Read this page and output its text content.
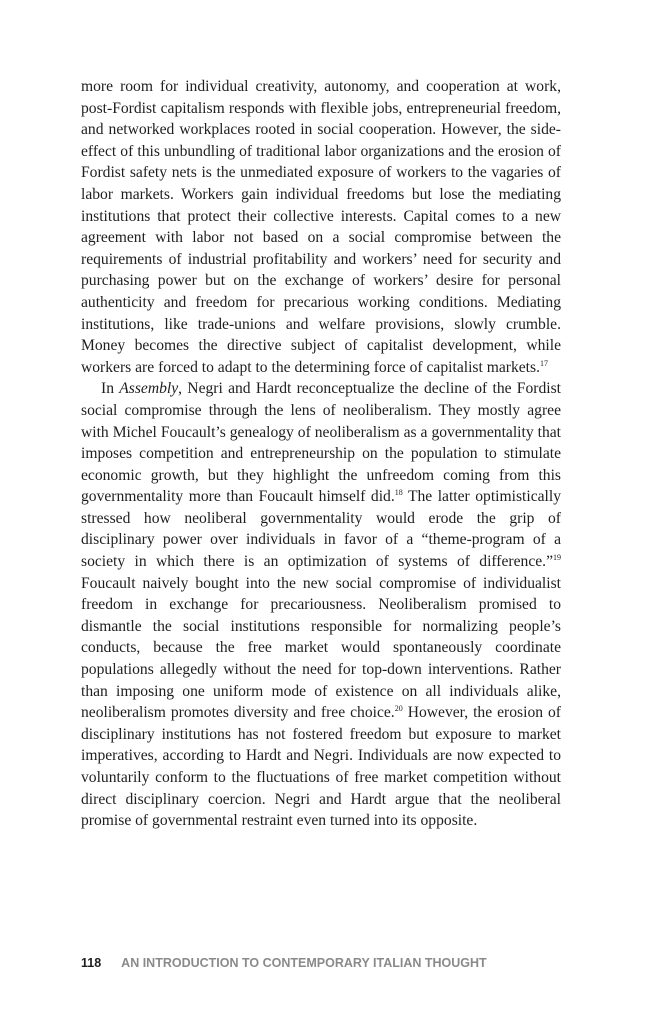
more room for individual creativity, autonomy, and cooperation at work, post-Fordist capitalism responds with flexible jobs, entrepreneurial freedom, and networked workplaces rooted in social cooperation. However, the side-effect of this unbundling of traditional labor organizations and the erosion of Fordist safety nets is the unmediated exposure of workers to the vagaries of labor markets. Workers gain individual freedoms but lose the mediating institutions that protect their collective interests. Capital comes to a new agreement with labor not based on a social compromise between the requirements of industrial profitability and workers’ need for security and purchasing power but on the exchange of workers’ desire for personal authenticity and freedom for precarious working conditions. Mediating institutions, like trade-unions and welfare provisions, slowly crumble. Money becomes the directive subject of capitalist development, while workers are forced to adapt to the determining force of capitalist markets.$^{17}$

In Assembly, Negri and Hardt reconceptualize the decline of the Fordist social compromise through the lens of neoliberalism. They mostly agree with Michel Foucault’s genealogy of neoliberalism as a governmentality that imposes competition and entrepreneurship on the population to stimulate economic growth, but they highlight the unfreedom coming from this governmentality more than Foucault himself did.$^{18}$ The latter optimistically stressed how neoliberal governmentality would erode the grip of disciplinary power over individuals in favor of a “theme-program of a society in which there is an optimization of systems of difference.”$^{19}$ Foucault naively bought into the new social compromise of individualist freedom in exchange for precariousness. Neoliberalism promised to dismantle the social institutions responsible for normalizing people’s conducts, because the free market would spontaneously coordinate populations allegedly without the need for top-down interventions. Rather than imposing one uniform mode of existence on all individuals alike, neoliberalism promotes diversity and free choice.$^{20}$ However, the erosion of disciplinary institutions has not fostered freedom but exposure to market imperatives, according to Hardt and Negri. Individuals are now expected to voluntarily conform to the fluctuations of free market competition without direct disciplinary coercion. Negri and Hardt argue that the neoliberal promise of governmental restraint even turned into its opposite.

118 AN INTRODUCTION TO CONTEMPORARY ITALIAN THOUGHT
